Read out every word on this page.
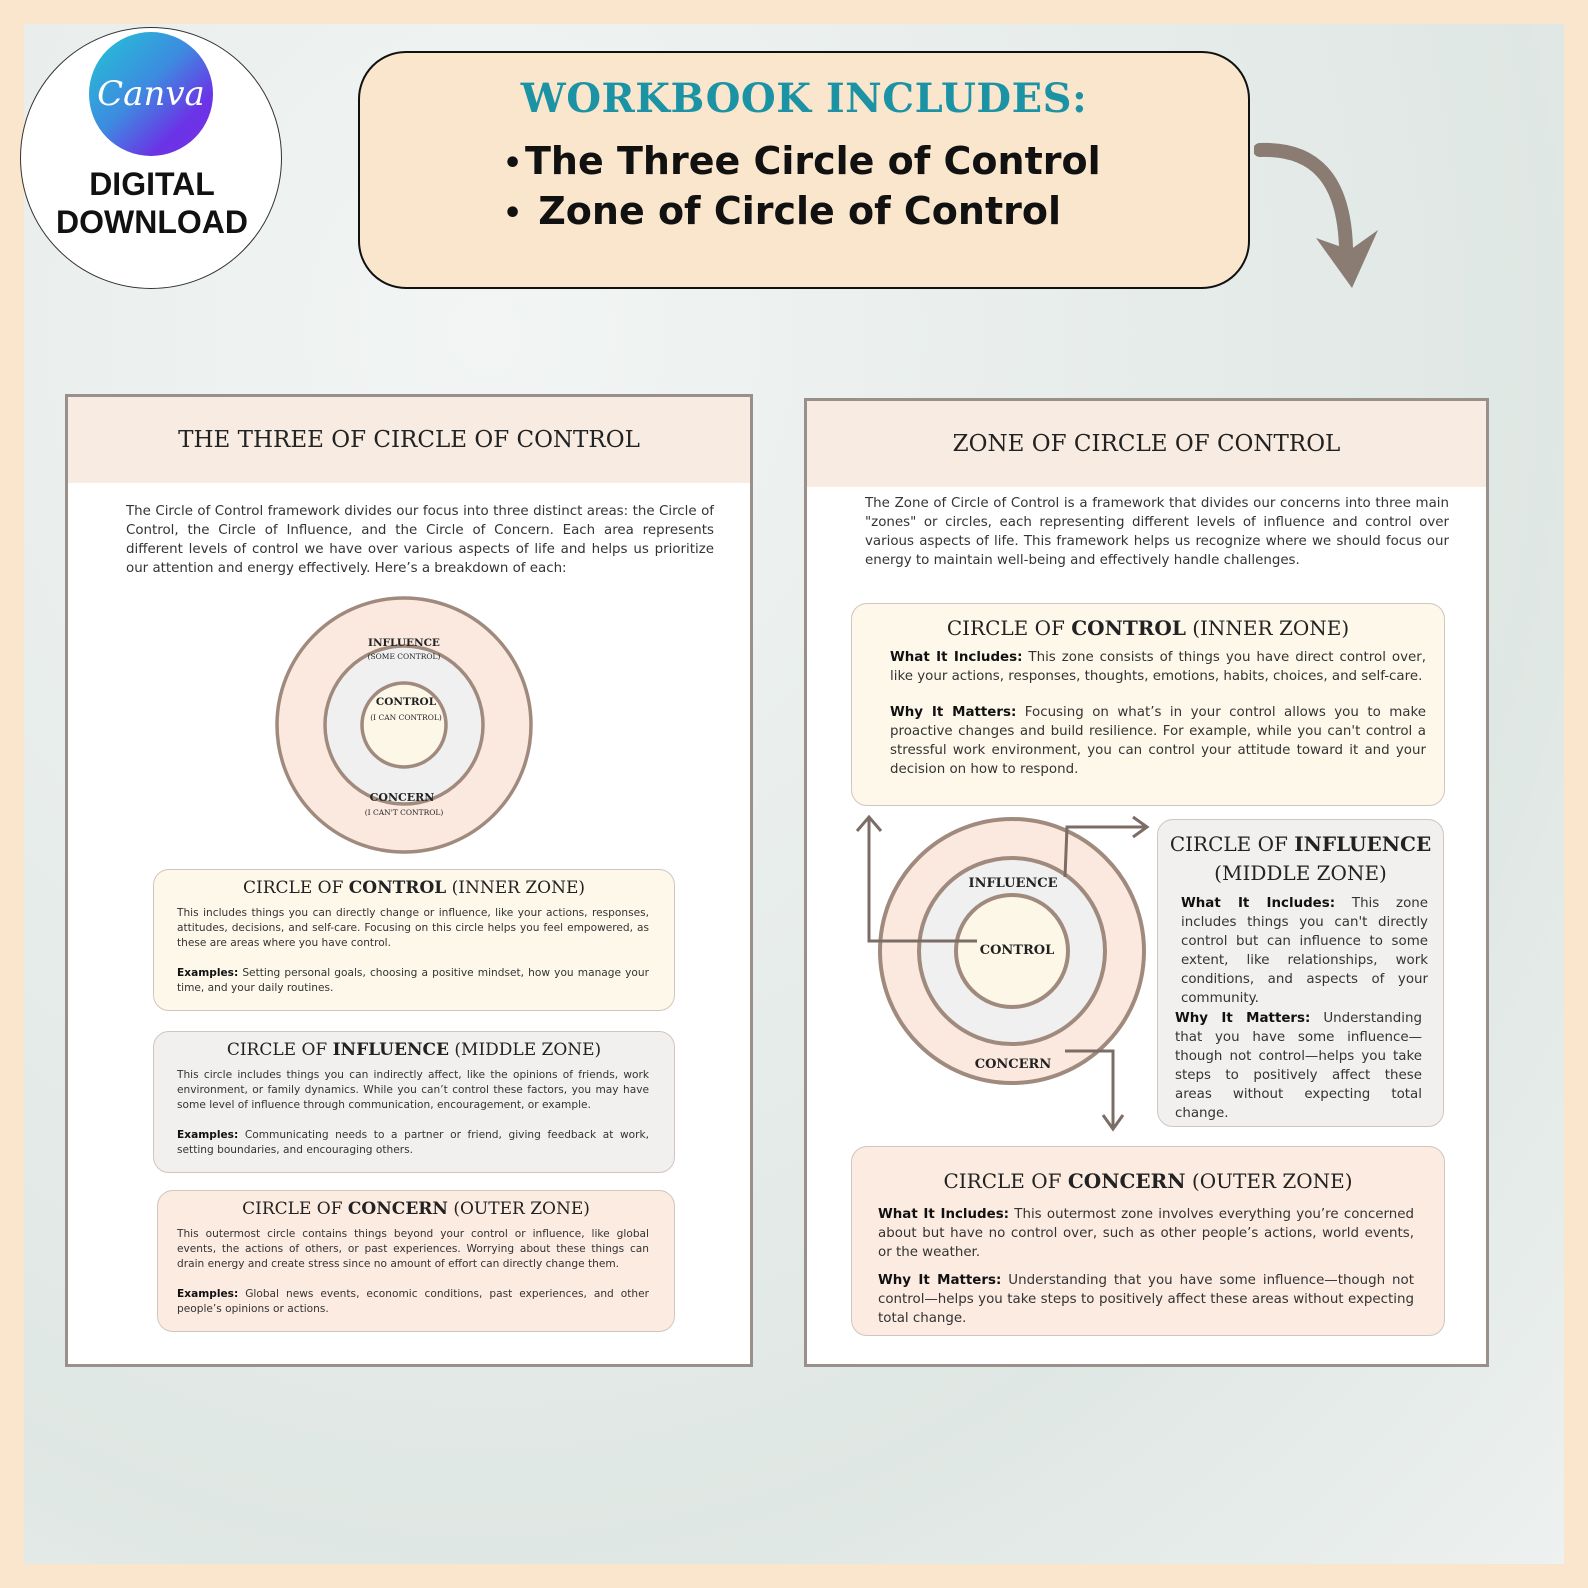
Canva
DIGITAL
DOWNLOAD
WORKBOOK INCLUDES:
•The Three Circle of Control
• Zone of Circle of Control
THE THREE OF CIRCLE OF CONTROL
The Circle of Control framework divides our focus into three distinct areas: the Circle of Control, the Circle of Influence, and the Circle of Concern. Each area represents different levels of control we have over various aspects of life and helps us prioritize our attention and energy effectively. Here’s a breakdown of each:
INFLUENCE
(SOME CONTROL)
CONTROL
(I CAN CONTROL)
CONCERN
(I CAN'T CONTROL)
CIRCLE OF CONTROL (INNER ZONE)

This includes things you can directly change or influence, like your actions, responses, attitudes, decisions, and self-care. Focusing on this circle helps you feel empowered, as these are areas where you have control.

Examples: Setting personal goals, choosing a positive mindset, how you manage your time, and your daily routines.

CIRCLE OF INFLUENCE (MIDDLE ZONE)

This circle includes things you can indirectly affect, like the opinions of friends, work environment, or family dynamics. While you can’t control these factors, you may have some level of influence through communication, encouragement, or example.

Examples: Communicating needs to a partner or friend, giving feedback at work, setting boundaries, and encouraging others.

CIRCLE OF CONCERN (OUTER ZONE)

This outermost circle contains things beyond your control or influence, like global events, the actions of others, or past experiences. Worrying about these things can drain energy and create stress since no amount of effort can directly change them.

Examples: Global news events, economic conditions, past experiences, and other people’s opinions or actions.

ZONE OF CIRCLE OF CONTROL
The Zone of Circle of Control is a framework that divides our concerns into three main "zones" or circles, each representing different levels of influence and control over various aspects of life. This framework helps us recognize where we should focus our energy to maintain well-being and effectively handle challenges.
CIRCLE OF CONTROL (INNER ZONE)

What It Includes: This zone consists of things you have direct control over, like your actions, responses, thoughts, emotions, habits, choices, and self-care.

Why It Matters: Focusing on what’s in your control allows you to make proactive changes and build resilience. For example, while you can't control a stressful work environment, you can control your attitude toward it and your decision on how to respond.

INFLUENCE
CONTROL
CONCERN
CIRCLE OF INFLUENCE
(MIDDLE ZONE)

What It Includes: This zone includes things you can't directly control but can influence to some extent, like relationships, work conditions, and aspects of your community.

Why It Matters: Understanding that you have some influence—though not control—helps you take steps to positively affect these areas without expecting total change.

CIRCLE OF CONCERN (OUTER ZONE)

What It Includes: This outermost zone involves everything you’re concerned about but have no control over, such as other people’s actions, world events, or the weather.

Why It Matters: Understanding that you have some influence—though not control—helps you take steps to positively affect these areas without expecting total change.
